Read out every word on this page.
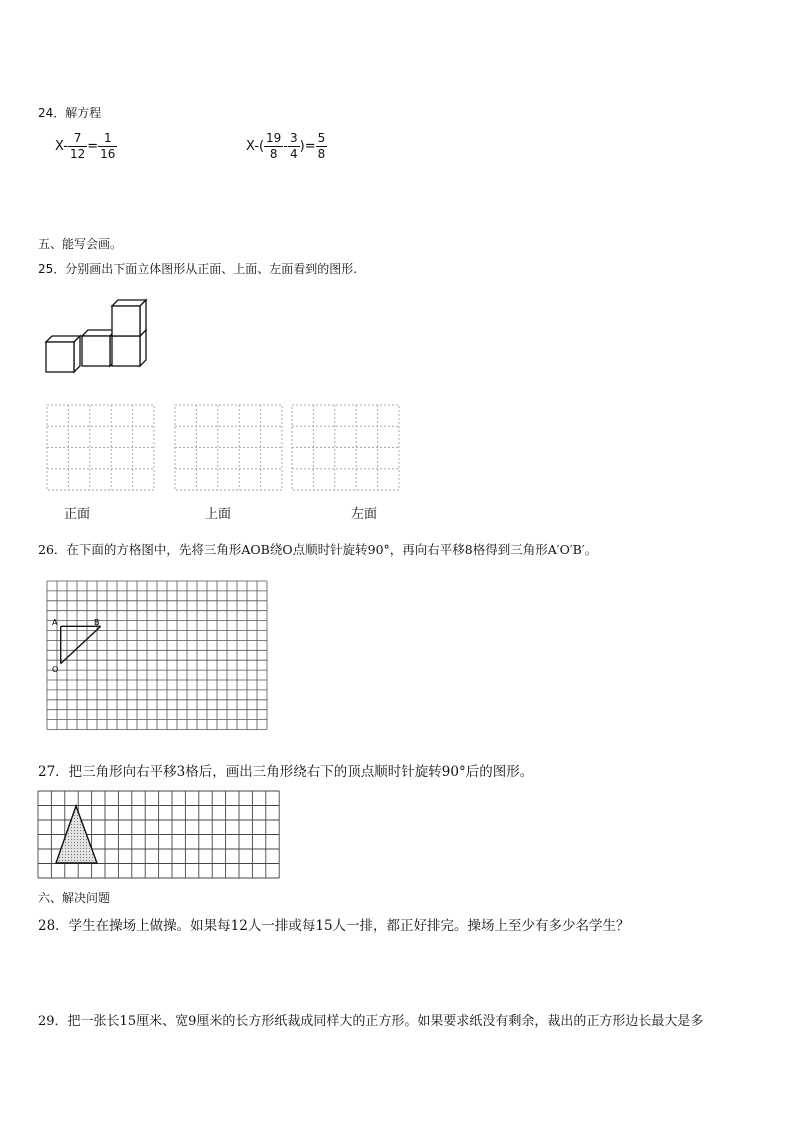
24．解方程
$X- \frac{7}{12} = \frac{1}{16}$	$X-( \frac{19}{8} - \frac{3}{4}$ )= $\frac{5}{8}$
五、能写会画。
25．分别画出下面立体图形从正面、上面、左面看到的图形.
正面	上面	左面
26．在下面的方格图中，先将三角形AOB绕O点顺时针旋转90°，再向右平移8格得到三角形A′O′B′。
A	B
O
27．把三角形向右平移3格后，画出三角形绕右下的顶点顺时针旋转90°后的图形。
六、解决问题
28．学生在操场上做操。如果每12人一排或每15人一排，都正好排完。操场上至少有多少名学生？
29．把一张长15厘米、宽9厘米的长方形纸裁成同样大的正方形。如果要求纸没有剩余，裁出的正方形边长最大是多
